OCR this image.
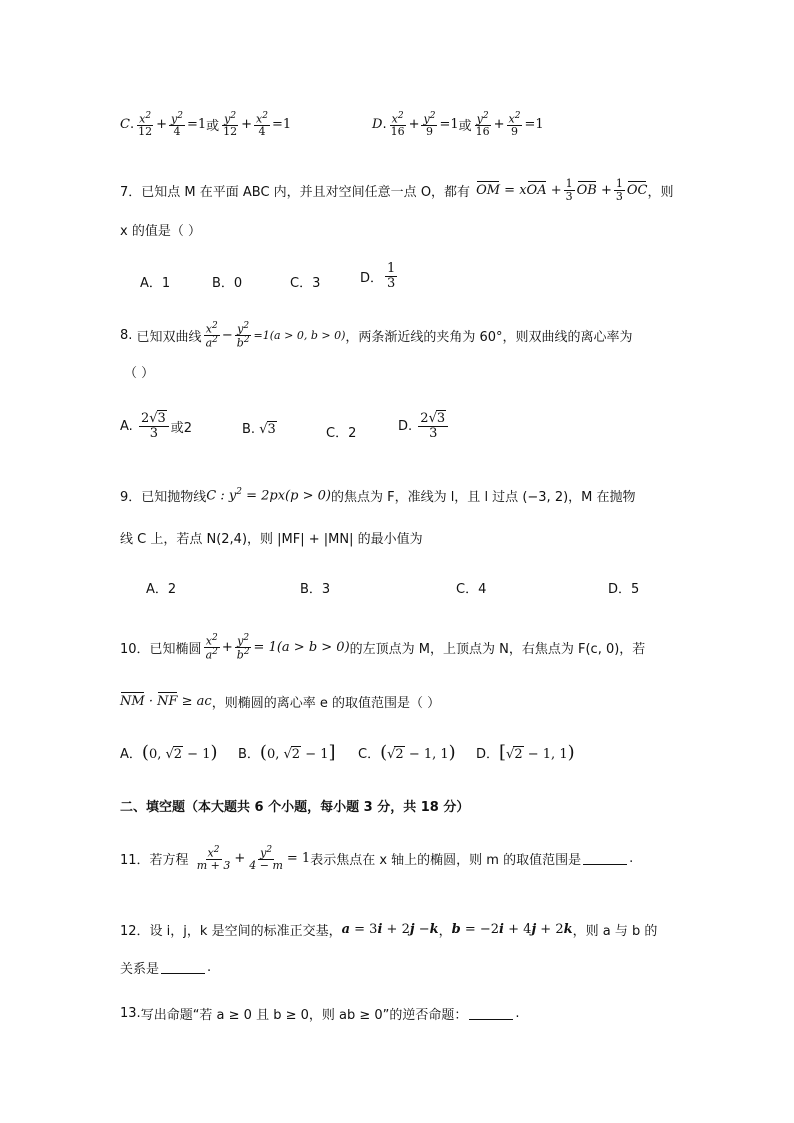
C . $\frac{x^2}{12} + \frac{y^2}{4} =1$ 或 $\frac{y^2}{12} + \frac{x^2}{4} =1$	D . $\frac{x^2}{16} + \frac{y^2}{9} =1$ 或 $\frac{y^2}{16} + \frac{x^2}{9} =1$
7． 已知点 M 在平面 ABC 内，并且对空间任意一点 O，都有 OM = xOA + $\frac{1}{3}$ OB + $\frac{1}{3}$ OC ，则
x 的值是（ ）
A．1	B．0	C．3	D． $\frac{1}{3}$
8.
已知双曲线 $\frac{x^2}{a^2} - \frac{y^2}{b^2} =1(a > 0$, b > 0) ，两条渐近线的夹角为 60°，则双曲线的离心率为
（ ）
A.
$\frac{2√3}{3}$ 或2	B.
√3	C．2	D.
$\frac{2√3}{3}$
9． 已知抛物线 C : $y^2 = 2px(p > 0)$ 的焦点为 F，准线为 l，且 l 过点 (−3, 2)，M 在抛物
线 C 上，若点 N(2,4)，则 |MF| + |MN| 的最小值为
A．2	B．3	C．4	D．5
10． 已知椭圆 $\frac{x^2}{a^2} + \frac{y^2}{b^2} = 1(a > b > 0)$ 的左顶点为 M，上顶点为 N，右焦点为 F(c, 0)，若
NM · NF ≥ ac ，则椭圆的离心率 e 的取值范围是（ ）
A． (0, √2 − 1) B． (0, √2 − 1] C． (√2 − 1, 1) D． [√2 − 1, 1)
二、填空题（本大题共 6 个小题，每小题 3 分，共 18 分）
11． 若方程
$\frac{x^2}{m + 3} + \frac{y^2}{4 - m} = 1$ 表示焦点在 x 轴上的椭圆，则 m 的取值范围是	.
12． 设 i，j，k 是空间的标准正交基， a = 3 i + 2 j − k ， b = −2 i + 4 j + 2 k ，则 a 与 b 的
关系是	.
13. 写出命题“若 a ≥ 0 且 b ≥ 0，则 ab ≥ 0”的逆否命题：	.
